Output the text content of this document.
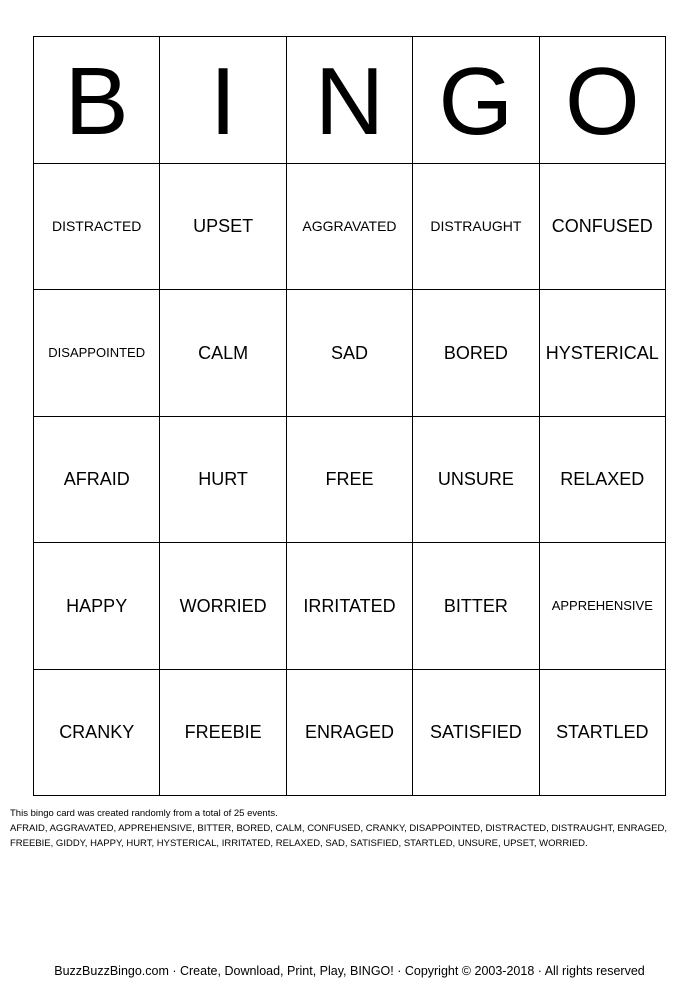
B I N G O
DISTRACTED	UPSET	AGGRAVATED	DISTRAUGHT	CONFUSED
DISAPPOINTED	CALM	SAD	BORED	HYSTERICAL
AFRAID	HURT	FREE	UNSURE	RELAXED
HAPPY	WORRIED	IRRITATED	BITTER	APPREHENSIVE
CRANKY	FREEBIE	ENRAGED	SATISFIED	STARTLED
This bingo card was created randomly from a total of 25 events.
AFRAID, AGGRAVATED, APPREHENSIVE, BITTER, BORED, CALM, CONFUSED, CRANKY, DISAPPOINTED, DISTRACTED, DISTRAUGHT, ENRAGED,
FREEBIE, GIDDY, HAPPY, HURT, HYSTERICAL, IRRITATED, RELAXED, SAD, SATISFIED, STARTLED, UNSURE, UPSET, WORRIED.
BuzzBuzzBingo.com · Create, Download, Print, Play, BINGO! · Copyright © 2003-2018 · All rights reserved
